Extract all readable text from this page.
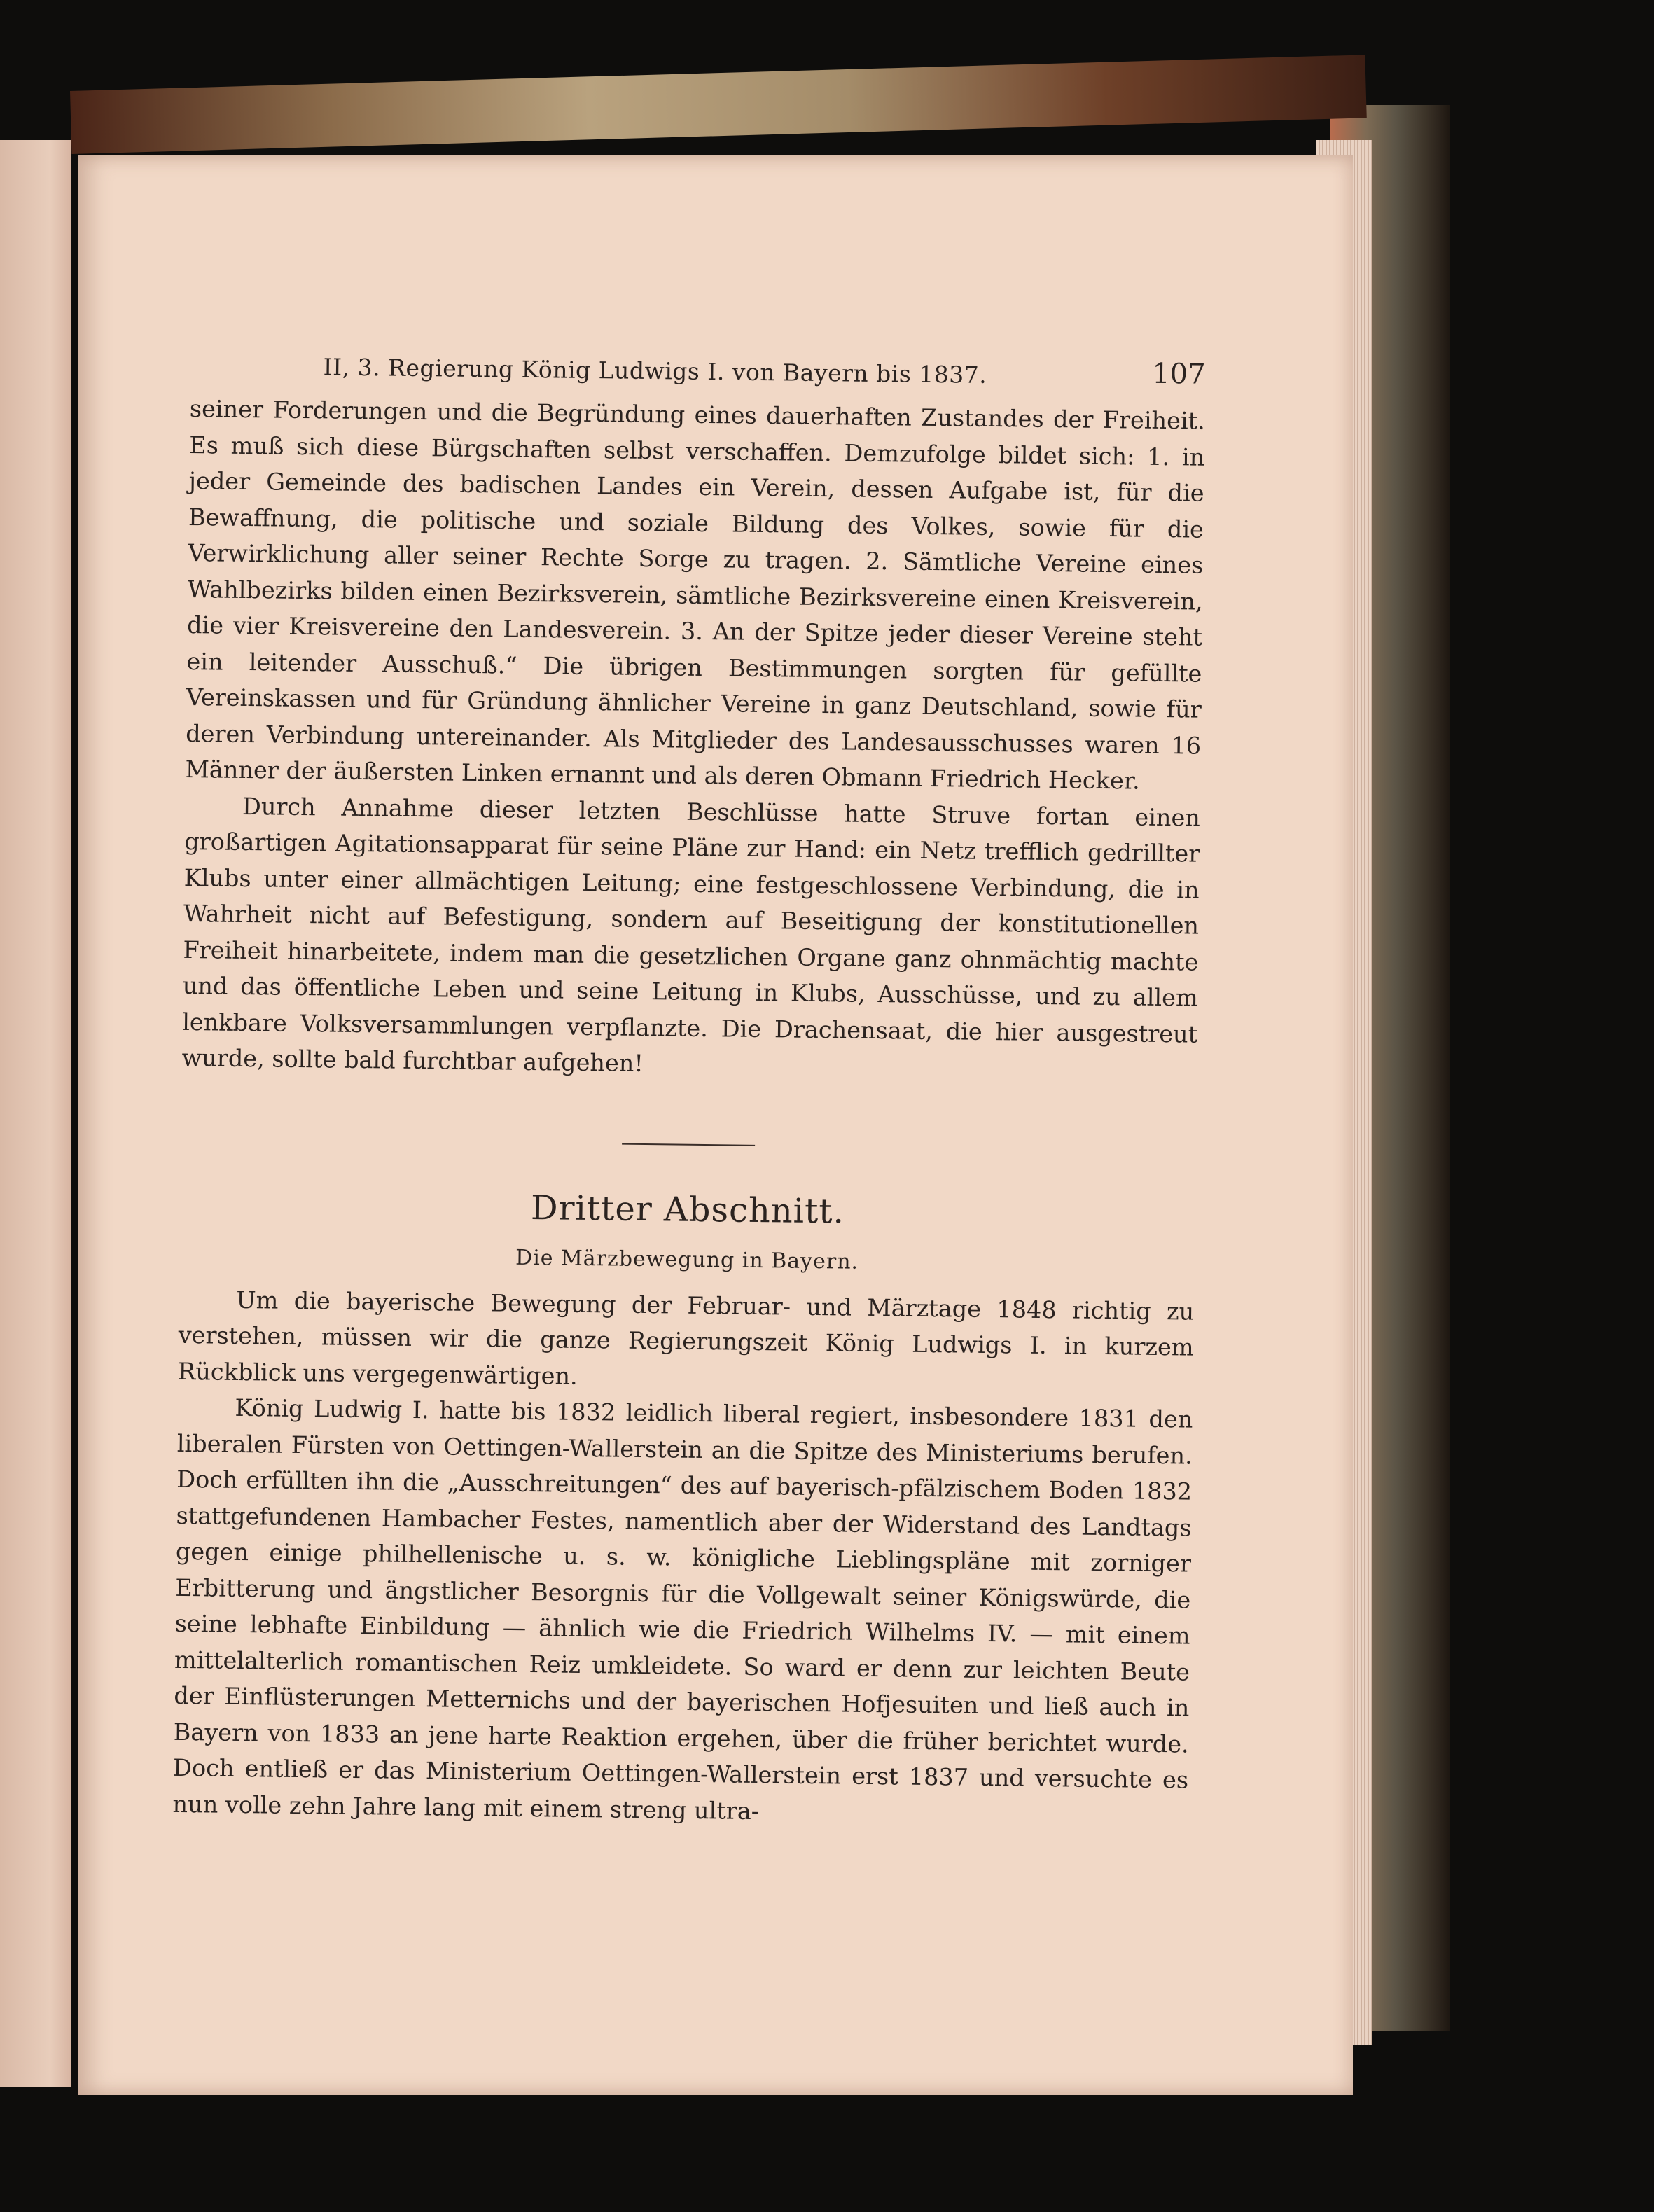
II, 3. Regierung König Ludwigs I. von Bayern bis 1837.	107

seiner Forderungen und die Begründung eines dauerhaften Zustandes der Freiheit. Es muß sich diese Bürgschaften selbst verschaffen. Demzufolge bildet sich: 1. in jeder Gemeinde des badischen Landes ein Verein, dessen Aufgabe ist, für die Bewaffnung, die politische und soziale Bildung des Volkes, sowie für die Verwirklichung aller seiner Rechte Sorge zu tragen. 2. Sämtliche Vereine eines Wahlbezirks bilden einen Bezirksverein, sämtliche Bezirksvereine einen Kreisverein, die vier Kreisvereine den Landesverein. 3. An der Spitze jeder dieser Vereine steht ein leitender Ausschuß.“ Die übrigen Bestimmungen sorgten für gefüllte Vereinskassen und für Gründung ähnlicher Vereine in ganz Deutschland, sowie für deren Verbindung untereinander. Als Mitglieder des Landesausschusses waren 16 Männer der äußersten Linken ernannt und als deren Obmann Friedrich Hecker.

Durch Annahme dieser letzten Beschlüsse hatte Struve fortan einen großartigen Agitationsapparat für seine Pläne zur Hand: ein Netz trefflich gedrillter Klubs unter einer allmächtigen Leitung; eine festgeschlossene Verbindung, die in Wahrheit nicht auf Befestigung, sondern auf Beseitigung der konstitutionellen Freiheit hinarbeitete, indem man die gesetzlichen Organe ganz ohnmächtig machte und das öffentliche Leben und seine Leitung in Klubs, Ausschüsse, und zu allem lenkbare Volksversammlungen verpflanzte. Die Drachensaat, die hier ausgestreut wurde, sollte bald furchtbar aufgehen!

Dritter Abschnitt.
Die Märzbewegung in Bayern.

Um die bayerische Bewegung der Februar- und Märztage 1848 richtig zu verstehen, müssen wir die ganze Regierungszeit König Ludwigs I. in kurzem Rückblick uns vergegenwärtigen.

König Ludwig I. hatte bis 1832 leidlich liberal regiert, insbesondere 1831 den liberalen Fürsten von Oettingen-Wallerstein an die Spitze des Ministeriums berufen. Doch erfüllten ihn die „Ausschreitungen“ des auf bayerisch-pfälzischem Boden 1832 stattgefundenen Hambacher Festes, namentlich aber der Widerstand des Landtags gegen einige philhellenische u. s. w. königliche Lieblingspläne mit zorniger Erbitterung und ängstlicher Besorgnis für die Vollgewalt seiner Königswürde, die seine lebhafte Einbildung — ähnlich wie die Friedrich Wilhelms IV. — mit einem mittelalterlich romantischen Reiz umkleidete. So ward er denn zur leichten Beute der Einflüsterungen Metternichs und der bayerischen Hofjesuiten und ließ auch in Bayern von 1833 an jene harte Reaktion ergehen, über die früher berichtet wurde. Doch entließ er das Ministerium Oettingen-Wallerstein erst 1837 und versuchte es nun volle zehn Jahre lang mit einem streng ultra-
